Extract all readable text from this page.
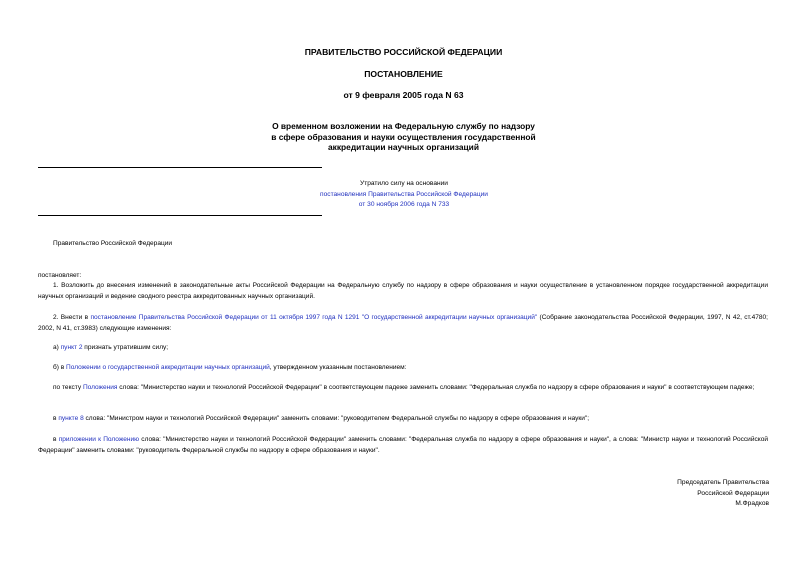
ПРАВИТЕЛЬСТВО РОССИЙСКОЙ ФЕДЕРАЦИИ
ПОСТАНОВЛЕНИЕ
от 9 февраля 2005 года N 63
О временном возложении на Федеральную службу по надзору
в сфере образования и науки осуществления государственной
аккредитации научных организаций
Утратило силу на основании
постановления Правительства Российской Федерации
от 30 ноября 2006 года N 733
Правительство Российской Федерации
постановляет:
1. Возложить до внесения изменений в законодательные акты Российской Федерации на Федеральную службу по надзору в сфере образования и науки осуществление в установленном порядке государственной аккредитации научных организаций и ведение сводного реестра аккредитованных научных организаций.
2. Внести в постановление Правительства Российской Федерации от 11 октября 1997 года N 1291 "О государственной аккредитации научных организаций" (Собрание законодательства Российской Федерации, 1997, N 42, ст.4780; 2002, N 41, ст.3983) следующие изменения:
а) пункт 2 признать утратившим силу;
б) в Положении о государственной аккредитации научных организаций, утвержденном указанным постановлением:
по тексту Положения слова: "Министерство науки и технологий Российской Федерации" в соответствующем падеже заменить словами: "Федеральная служба по надзору в сфере образования и науки" в соответствующем падеже;
в пункте 8 слова: "Министром науки и технологий Российской Федерации" заменить словами: "руководителем Федеральной службы по надзору в сфере образования и науки";
в приложении к Положению слова: "Министерство науки и технологий Российской Федерации" заменить словами: "Федеральная служба по надзору в сфере образования и науки", а слова: "Министр науки и технологий Российской Федерации" заменить словами: "руководитель Федеральной службы по надзору в сфере образования и науки".
Председатель Правительства
Российской Федерации
М.Фрадков
